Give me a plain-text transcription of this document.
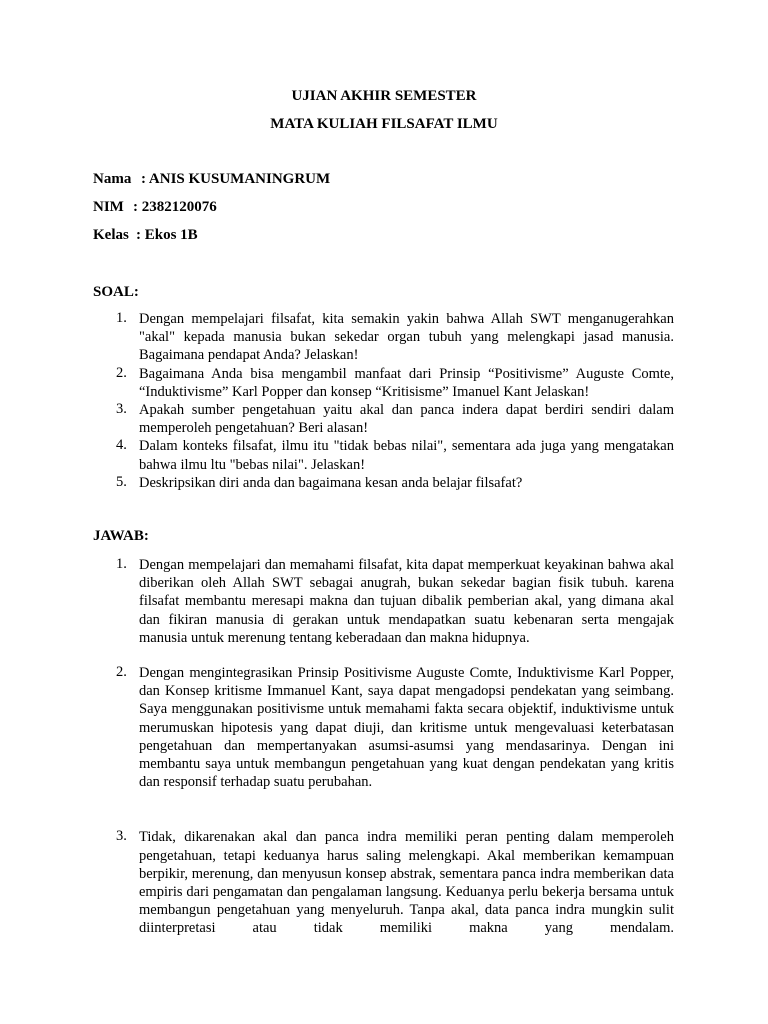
UJIAN AKHIR SEMESTER
MATA KULIAH FILSAFAT ILMU
Nama : ANIS KUSUMANINGRUM
NIM : 2382120076
Kelas : Ekos 1B
SOAL:
1. Dengan mempelajari filsafat, kita semakin yakin bahwa Allah SWT menganugerahkan "akal" kepada manusia bukan sekedar organ tubuh yang melengkapi jasad manusia. Bagaimana pendapat Anda? Jelaskan!
2. Bagaimana Anda bisa mengambil manfaat dari Prinsip “Positivisme” Auguste Comte, “Induktivisme” Karl Popper dan konsep “Kritisisme” Imanuel Kant Jelaskan!
3. Apakah sumber pengetahuan yaitu akal dan panca indera dapat berdiri sendiri dalam memperoleh pengetahuan? Beri alasan!
4. Dalam konteks filsafat, ilmu itu "tidak bebas nilai", sementara ada juga yang mengatakan bahwa ilmu ltu "bebas nilai". Jelaskan!
5. Deskripsikan diri anda dan bagaimana kesan anda belajar filsafat?
JAWAB:
1. Dengan mempelajari dan memahami filsafat, kita dapat memperkuat keyakinan bahwa akal diberikan oleh Allah SWT sebagai anugrah, bukan sekedar bagian fisik tubuh. karena filsafat membantu meresapi makna dan tujuan dibalik pemberian akal, yang dimana akal dan fikiran manusia di gerakan untuk mendapatkan suatu kebenaran serta mengajak manusia untuk merenung tentang keberadaan dan makna hidupnya.
2. Dengan mengintegrasikan Prinsip Positivisme Auguste Comte, Induktivisme Karl Popper, dan Konsep kritisme Immanuel Kant, saya dapat mengadopsi pendekatan yang seimbang. Saya menggunakan positivisme untuk memahami fakta secara objektif, induktivisme untuk merumuskan hipotesis yang dapat diuji, dan kritisme untuk mengevaluasi keterbatasan pengetahuan dan mempertanyakan asumsi-asumsi yang mendasarinya. Dengan ini membantu saya untuk membangun pengetahuan yang kuat dengan pendekatan yang kritis dan responsif terhadap suatu perubahan.
3. Tidak, dikarenakan akal dan panca indra memiliki peran penting dalam memperoleh pengetahuan, tetapi keduanya harus saling melengkapi. Akal memberikan kemampuan berpikir, merenung, dan menyusun konsep abstrak, sementara panca indra memberikan data empiris dari pengamatan dan pengalaman langsung. Keduanya perlu bekerja bersama untuk membangun pengetahuan yang menyeluruh. Tanpa akal, data panca indra mungkin sulit diinterpretasi atau tidak memiliki makna yang mendalam.
